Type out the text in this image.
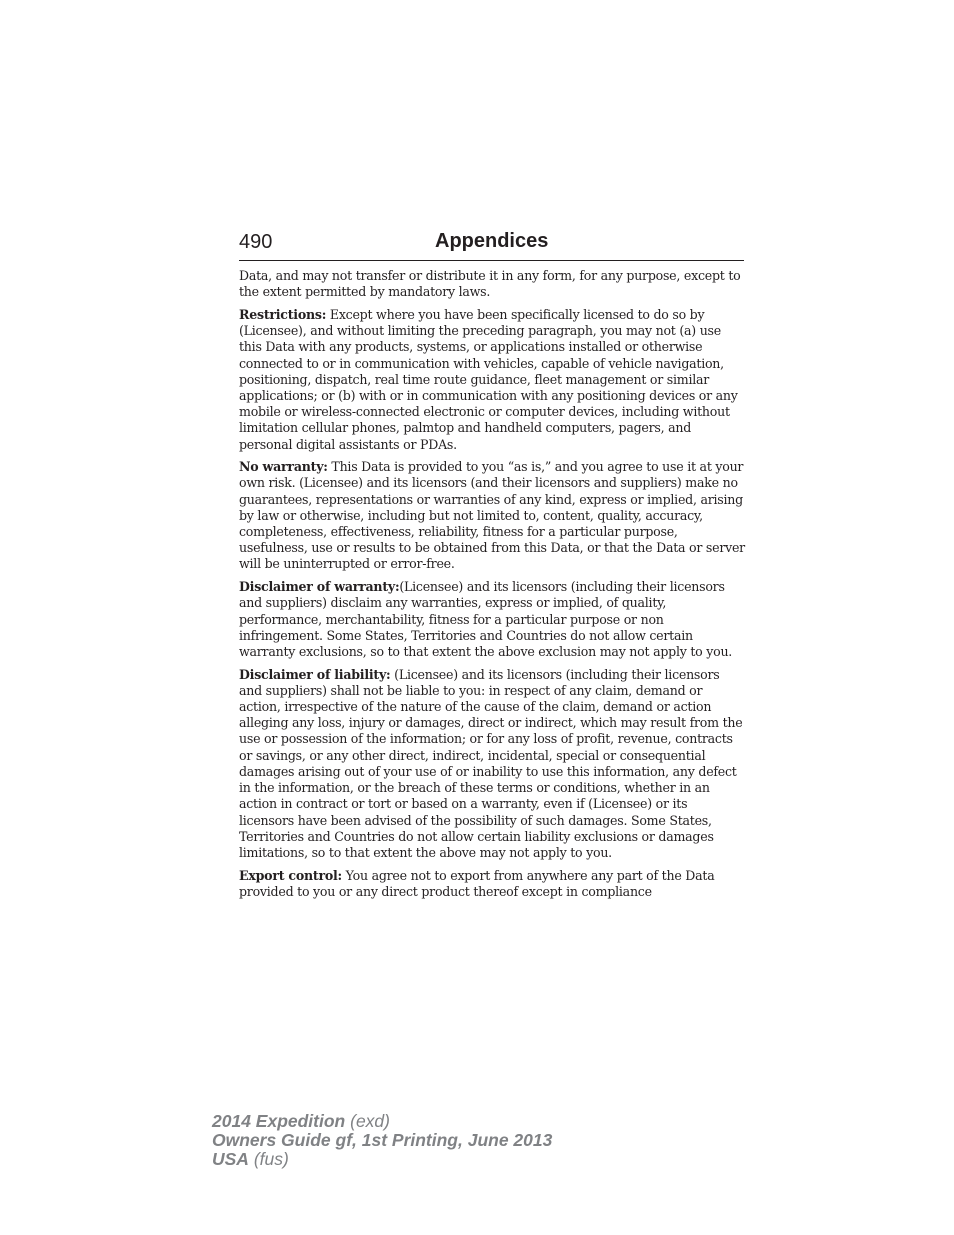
490	Appendices

Data, and may not transfer or distribute it in any form, for any purpose, except to the extent permitted by mandatory laws.

Restrictions: Except where you have been specifically licensed to do so by (Licensee), and without limiting the preceding paragraph, you may not (a) use this Data with any products, systems, or applications installed or otherwise connected to or in communication with vehicles, capable of vehicle navigation, positioning, dispatch, real time route guidance, fleet management or similar applications; or (b) with or in communication with any positioning devices or any mobile or wireless-connected electronic or computer devices, including without limitation cellular phones, palmtop and handheld computers, pagers, and personal digital assistants or PDAs.

No warranty: This Data is provided to you “as is,” and you agree to use it at your own risk. (Licensee) and its licensors (and their licensors and suppliers) make no guarantees, representations or warranties of any kind, express or implied, arising by law or otherwise, including but not limited to, content, quality, accuracy, completeness, effectiveness, reliability, fitness for a particular purpose, usefulness, use or results to be obtained from this Data, or that the Data or server will be uninterrupted or error-free.

Disclaimer of warranty:(Licensee) and its licensors (including their licensors and suppliers) disclaim any warranties, express or implied, of quality, performance, merchantability, fitness for a particular purpose or non infringement. Some States, Territories and Countries do not allow certain warranty exclusions, so to that extent the above exclusion may not apply to you.

Disclaimer of liability: (Licensee) and its licensors (including their licensors and suppliers) shall not be liable to you: in respect of any claim, demand or action, irrespective of the nature of the cause of the claim, demand or action alleging any loss, injury or damages, direct or indirect, which may result from the use or possession of the information; or for any loss of profit, revenue, contracts or savings, or any other direct, indirect, incidental, special or consequential damages arising out of your use of or inability to use this information, any defect in the information, or the breach of these terms or conditions, whether in an action in contract or tort or based on a warranty, even if (Licensee) or its licensors have been advised of the possibility of such damages. Some States, Territories and Countries do not allow certain liability exclusions or damages limitations, so to that extent the above may not apply to you.

Export control: You agree not to export from anywhere any part of the Data provided to you or any direct product thereof except in compliance

2014 Expedition (exd)
Owners Guide gf, 1st Printing, June 2013
USA (fus)
